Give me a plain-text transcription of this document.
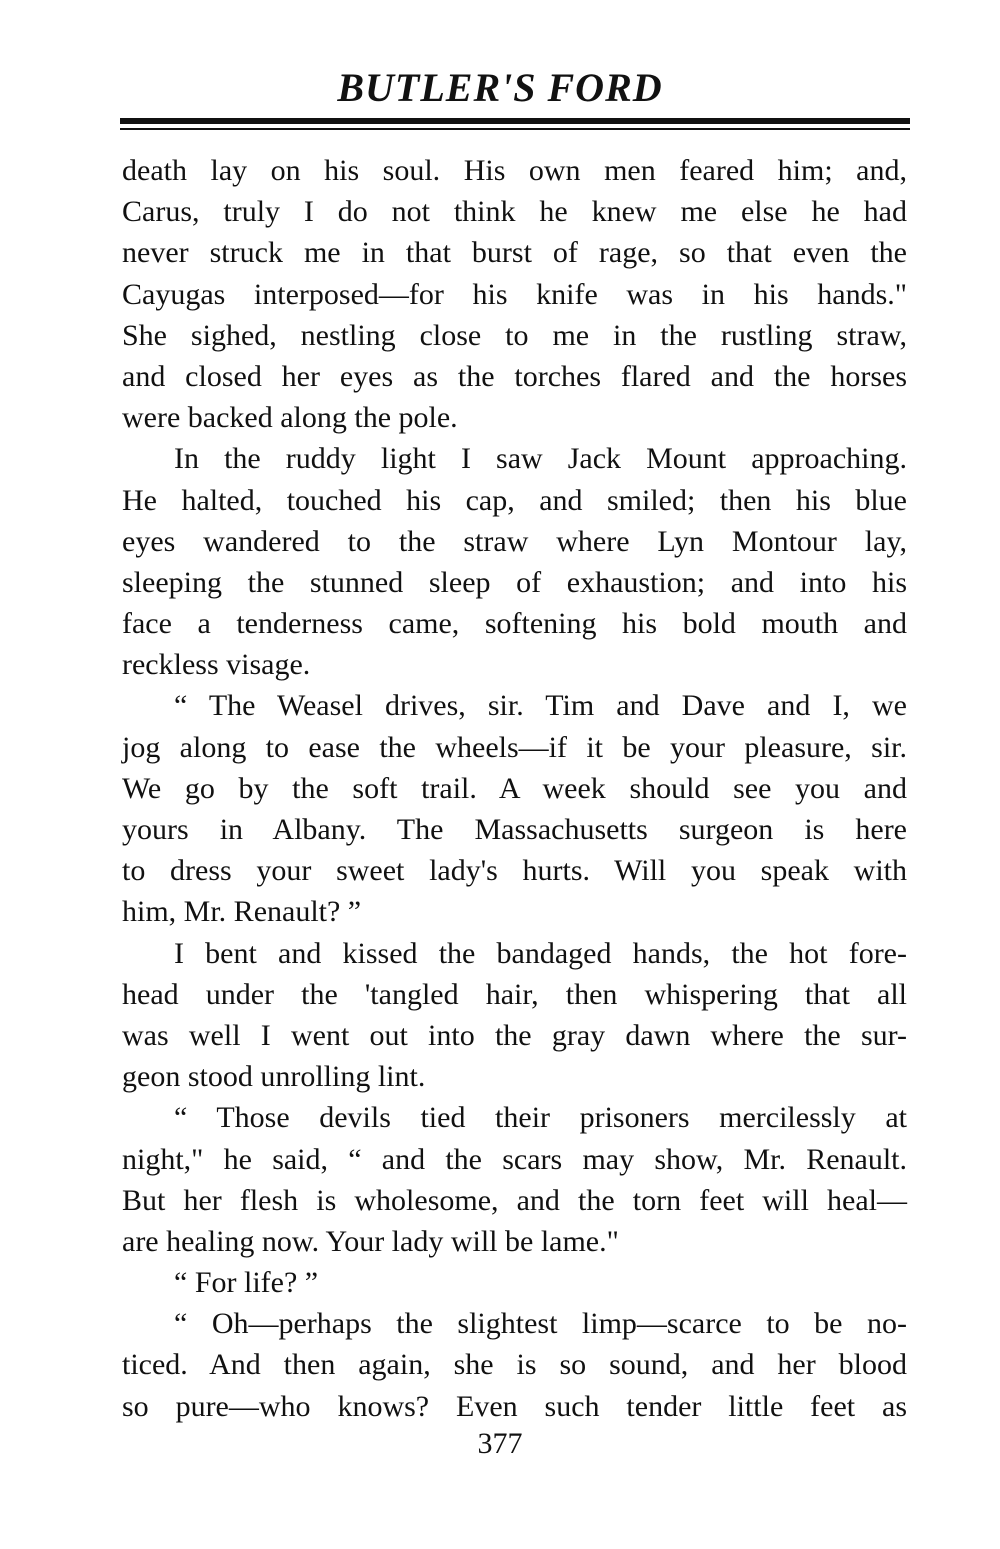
BUTLER'S FORD
death lay on his soul. His own men feared him; and,
Carus, truly I do not think he knew me else he had
never struck me in that burst of rage, so that even the
Cayugas interposed—for his knife was in his hands."
She sighed, nestling close to me in the rustling straw,
and closed her eyes as the torches flared and the horses
were backed along the pole.
In the ruddy light I saw Jack Mount approaching.
He halted, touched his cap, and smiled; then his blue
eyes wandered to the straw where Lyn Montour lay,
sleeping the stunned sleep of exhaustion; and into his
face a tenderness came, softening his bold mouth and
reckless visage.
“ The Weasel drives, sir. Tim and Dave and I, we
jog along to ease the wheels—if it be your pleasure, sir.
We go by the soft trail. A week should see you and
yours in Albany. The Massachusetts surgeon is here
to dress your sweet lady's hurts. Will you speak with
him, Mr. Renault? ”
I bent and kissed the bandaged hands, the hot fore-
head under the 'tangled hair, then whispering that all
was well I went out into the gray dawn where the sur-
geon stood unrolling lint.
“ Those devils tied their prisoners mercilessly at
night," he said, “ and the scars may show, Mr. Renault.
But her flesh is wholesome, and the torn feet will heal—
are healing now. Your lady will be lame."
“ For life? ”
“ Oh—perhaps the slightest limp—scarce to be no-
ticed. And then again, she is so sound, and her blood
so pure—who knows? Even such tender little feet as
377
